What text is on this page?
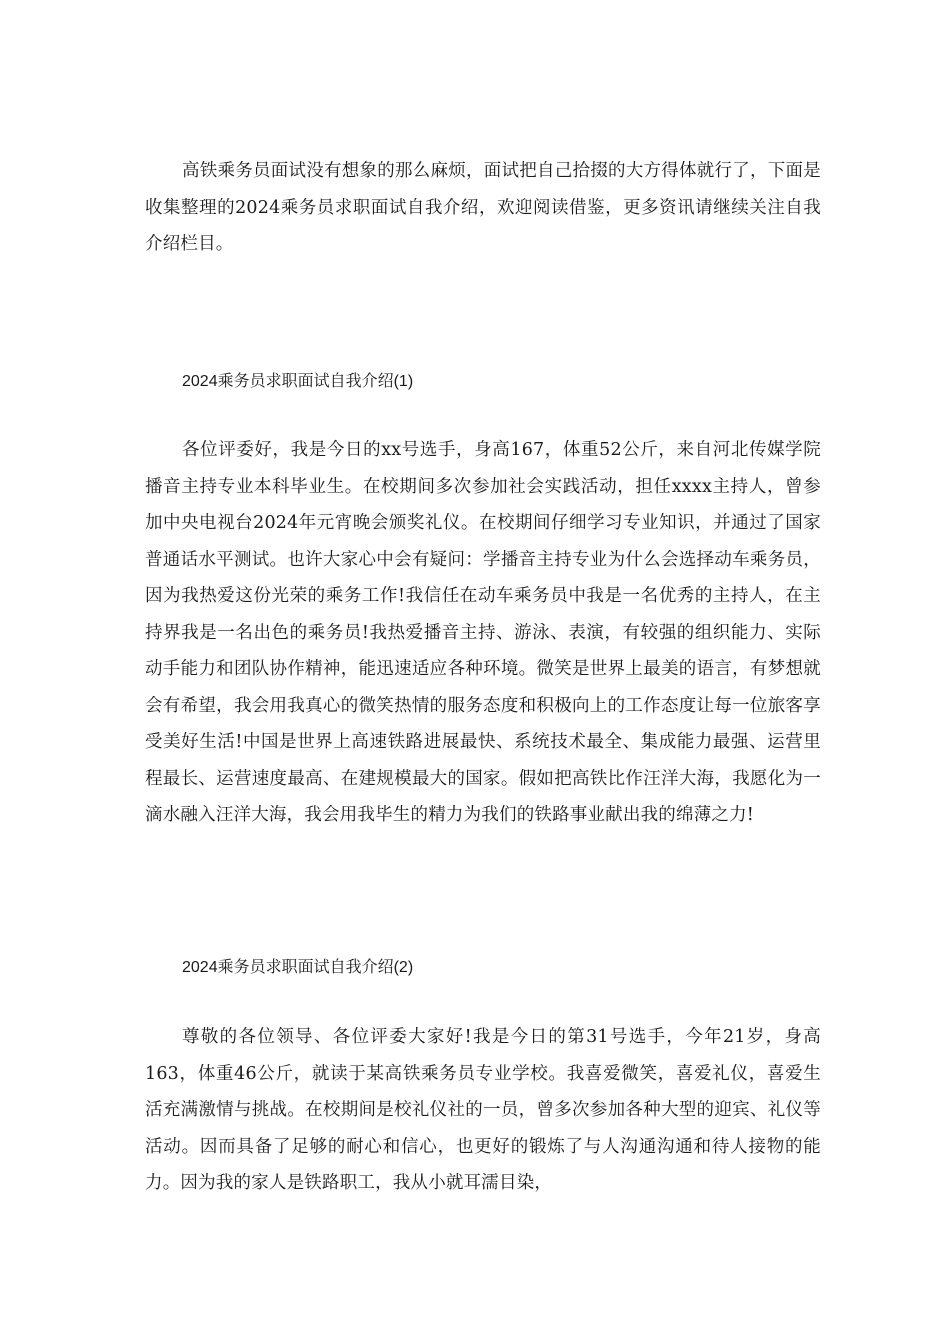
高铁乘务员面试没有想象的那么麻烦，面试把自己拾掇的大方得体就行了，下面是收集整理的2024乘务员求职面试自我介绍，欢迎阅读借鉴，更多资讯请继续关注自我介绍栏目。

2024乘务员求职面试自我介绍(1)

各位评委好，我是今日的xx号选手，身高167，体重52公斤，来自河北传媒学院播音主持专业本科毕业生。在校期间多次参加社会实践活动，担任xxxx主持人，曾参加中央电视台2024年元宵晚会颁奖礼仪。在校期间仔细学习专业知识，并通过了国家普通话水平测试。也许大家心中会有疑问：学播音主持专业为什么会选择动车乘务员，因为我热爱这份光荣的乘务工作!我信任在动车乘务员中我是一名优秀的主持人，在主持界我是一名出色的乘务员!我热爱播音主持、游泳、表演，有较强的组织能力、实际动手能力和团队协作精神，能迅速适应各种环境。微笑是世界上最美的语言，有梦想就会有希望，我会用我真心的微笑热情的服务态度和积极向上的工作态度让每一位旅客享受美好生活!中国是世界上高速铁路进展最快、系统技术最全、集成能力最强、运营里程最长、运营速度最高、在建规模最大的国家。假如把高铁比作汪洋大海，我愿化为一滴水融入汪洋大海，我会用我毕生的精力为我们的铁路事业献出我的绵薄之力!

2024乘务员求职面试自我介绍(2)

尊敬的各位领导、各位评委大家好!我是今日的第31号选手，今年21岁，身高163，体重46公斤，就读于某高铁乘务员专业学校。我喜爱微笑，喜爱礼仪，喜爱生活充满激情与挑战。在校期间是校礼仪社的一员，曾多次参加各种大型的迎宾、礼仪等活动。因而具备了足够的耐心和信心，也更好的锻炼了与人沟通沟通和待人接物的能力。因为我的家人是铁路职工，我从小就耳濡目染，
